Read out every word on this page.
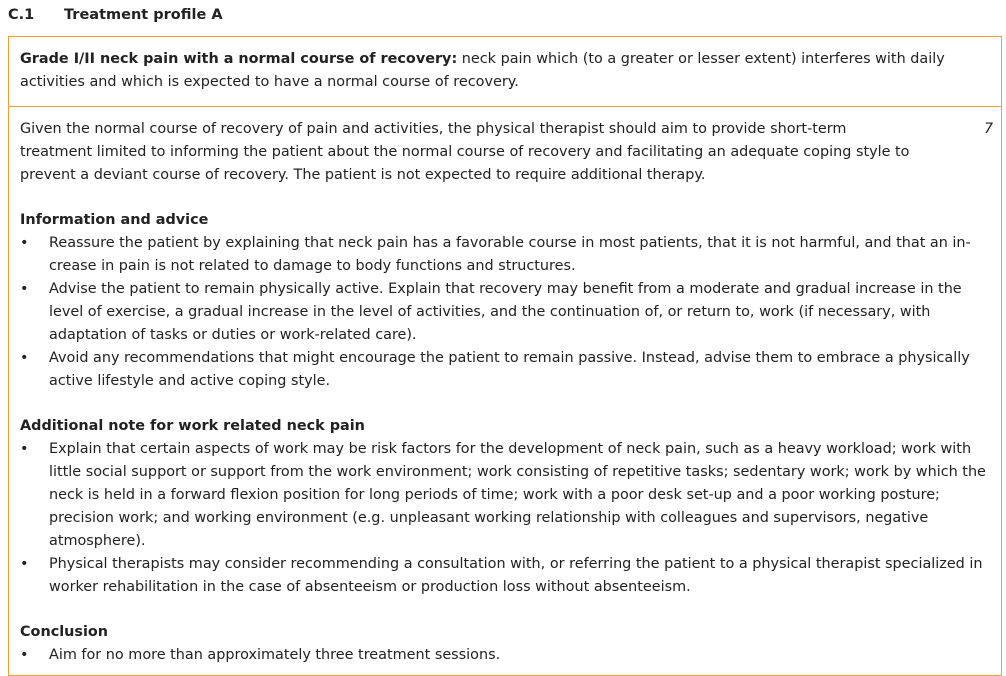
C.1	Treatment profile A
Grade I/II neck pain with a normal course of recovery: neck pain which (to a greater or lesser extent) interferes with daily activities and which is expected to have a normal course of recovery.
7
Given the normal course of recovery of pain and activities, the physical therapist should aim to provide short-term treatment limited to informing the patient about the normal course of recovery and facilitating an adequate coping style to prevent a deviant course of recovery. The patient is not expected to require additional therapy.
Information and advice
• Reassure the patient by explaining that neck pain has a favorable course in most patients, that it is not harmful, and that an in-crease in pain is not related to damage to body functions and structures.
• Advise the patient to remain physically active. Explain that recovery may benefit from a moderate and gradual increase in the level of exercise, a gradual increase in the level of activities, and the continuation of, or return to, work (if necessary, with adaptation of tasks or duties or work-related care).
• Avoid any recommendations that might encourage the patient to remain passive. Instead, advise them to embrace a physically active lifestyle and active coping style.
Additional note for work related neck pain
• Explain that certain aspects of work may be risk factors for the development of neck pain, such as a heavy workload; work with little social support or support from the work environment; work consisting of repetitive tasks; sedentary work; work by which the neck is held in a forward flexion position for long periods of time; work with a poor desk set-up and a poor working posture; precision work; and working environment (e.g. unpleasant working relationship with colleagues and supervisors, negative atmosphere).
• Physical therapists may consider recommending a consultation with, or referring the patient to a physical therapist specialized in worker rehabilitation in the case of absenteeism or production loss without absenteeism.
Conclusion
• Aim for no more than approximately three treatment sessions.
